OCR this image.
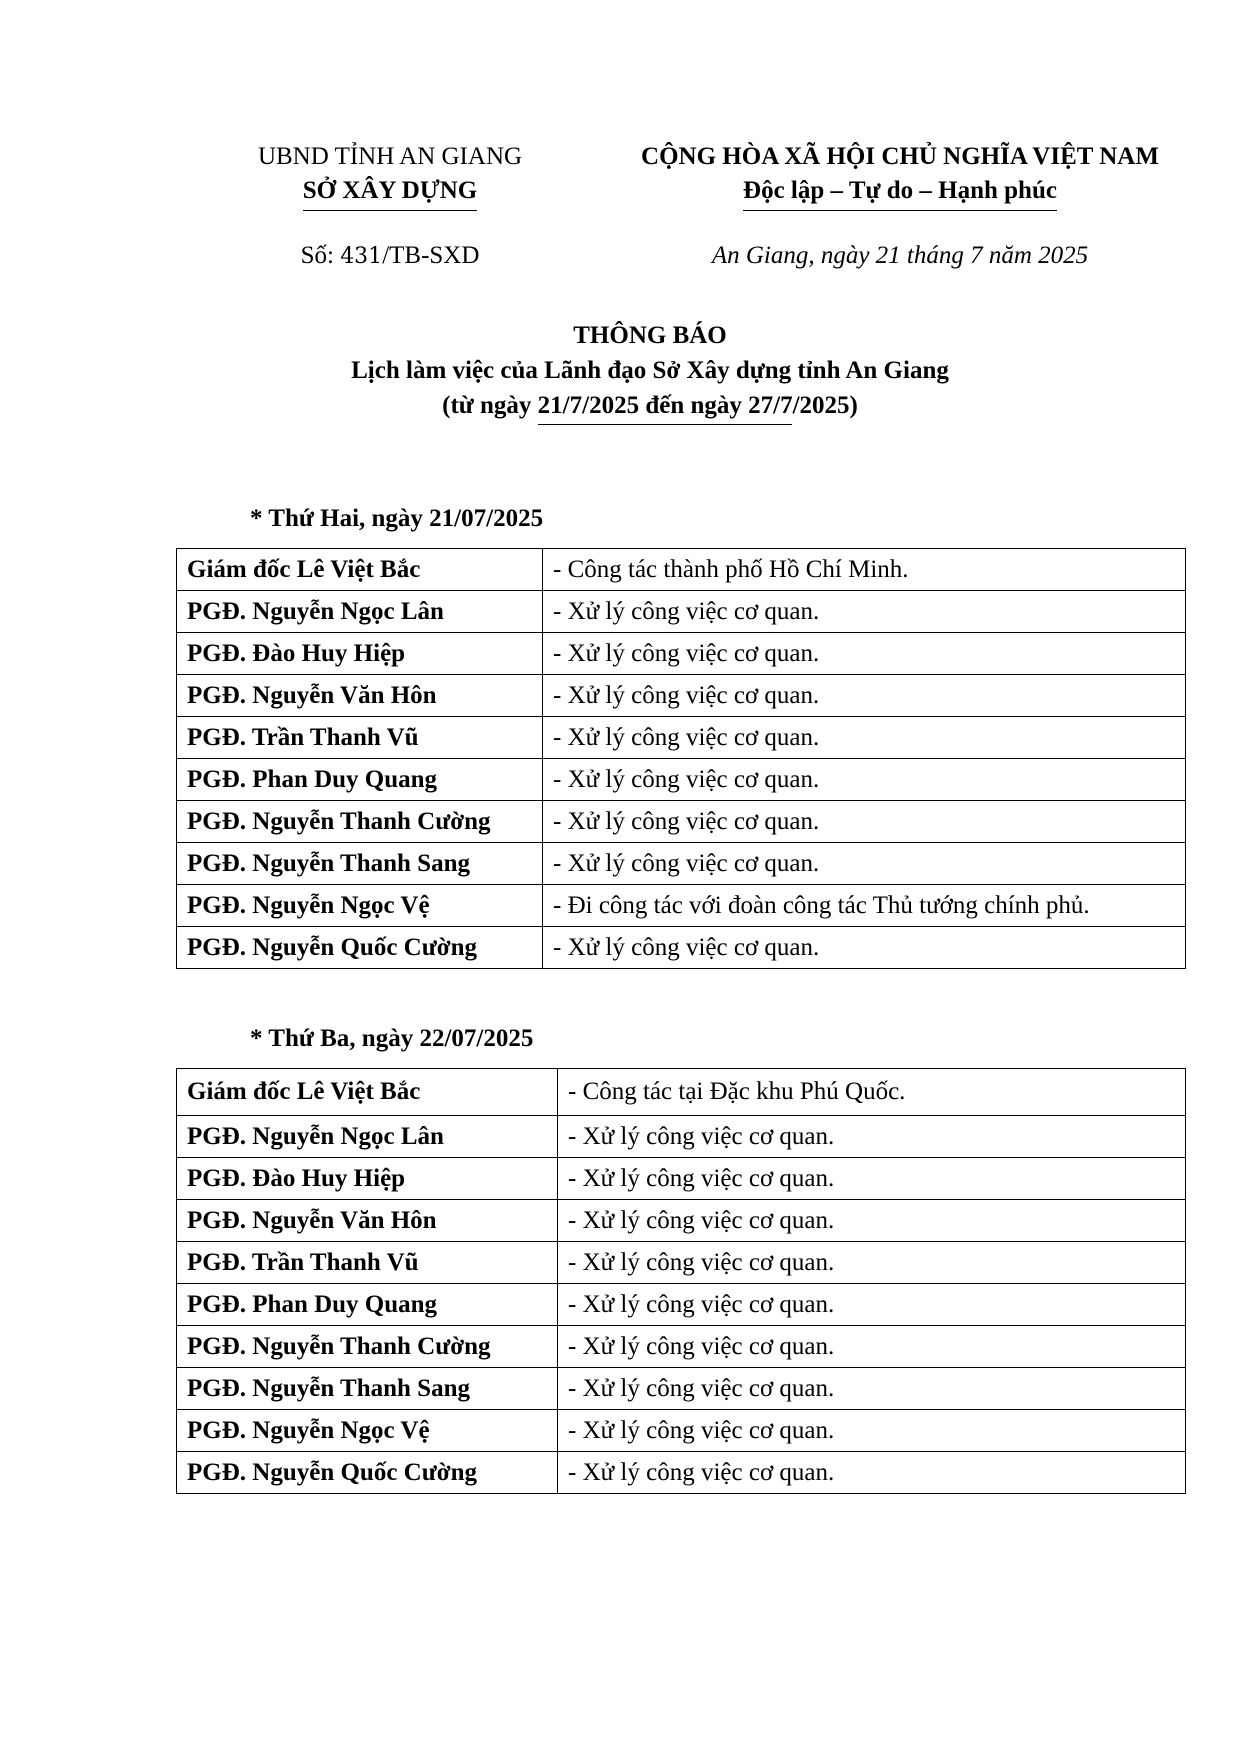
UBND TỈNH AN GIANG
SỞ XÂY DỰNG
CỘNG HÒA XÃ HỘI CHỦ NGHĨA VIỆT NAM
Độc lập – Tự do – Hạnh phúc
Số: 431/TB-SXD	An Giang, ngày 21 tháng 7 năm 2025
THÔNG BÁO
Lịch làm việc của Lãnh đạo Sở Xây dựng tỉnh An Giang
(từ ngày 21/7/2025 đến ngày 27/7/2025)
* Thứ Hai, ngày 21/07/2025
Giám đốc Lê Việt Bắc	- Công tác thành phố Hồ Chí Minh.
PGĐ. Nguyễn Ngọc Lân	- Xử lý công việc cơ quan.
PGĐ. Đào Huy Hiệp	- Xử lý công việc cơ quan.
PGĐ. Nguyễn Văn Hôn	- Xử lý công việc cơ quan.
PGĐ. Trần Thanh Vũ	- Xử lý công việc cơ quan.
PGĐ. Phan Duy Quang	- Xử lý công việc cơ quan.
PGĐ. Nguyễn Thanh Cường	- Xử lý công việc cơ quan.
PGĐ. Nguyễn Thanh Sang	- Xử lý công việc cơ quan.
PGĐ. Nguyễn Ngọc Vệ	- Đi công tác với đoàn công tác Thủ tướng chính phủ.
PGĐ. Nguyễn Quốc Cường	- Xử lý công việc cơ quan.
* Thứ Ba, ngày 22/07/2025
Giám đốc Lê Việt Bắc	- Công tác tại Đặc khu Phú Quốc.
PGĐ. Nguyễn Ngọc Lân	- Xử lý công việc cơ quan.
PGĐ. Đào Huy Hiệp	- Xử lý công việc cơ quan.
PGĐ. Nguyễn Văn Hôn	- Xử lý công việc cơ quan.
PGĐ. Trần Thanh Vũ	- Xử lý công việc cơ quan.
PGĐ. Phan Duy Quang	- Xử lý công việc cơ quan.
PGĐ. Nguyễn Thanh Cường	- Xử lý công việc cơ quan.
PGĐ. Nguyễn Thanh Sang	- Xử lý công việc cơ quan.
PGĐ. Nguyễn Ngọc Vệ	- Xử lý công việc cơ quan.
PGĐ. Nguyễn Quốc Cường	- Xử lý công việc cơ quan.
